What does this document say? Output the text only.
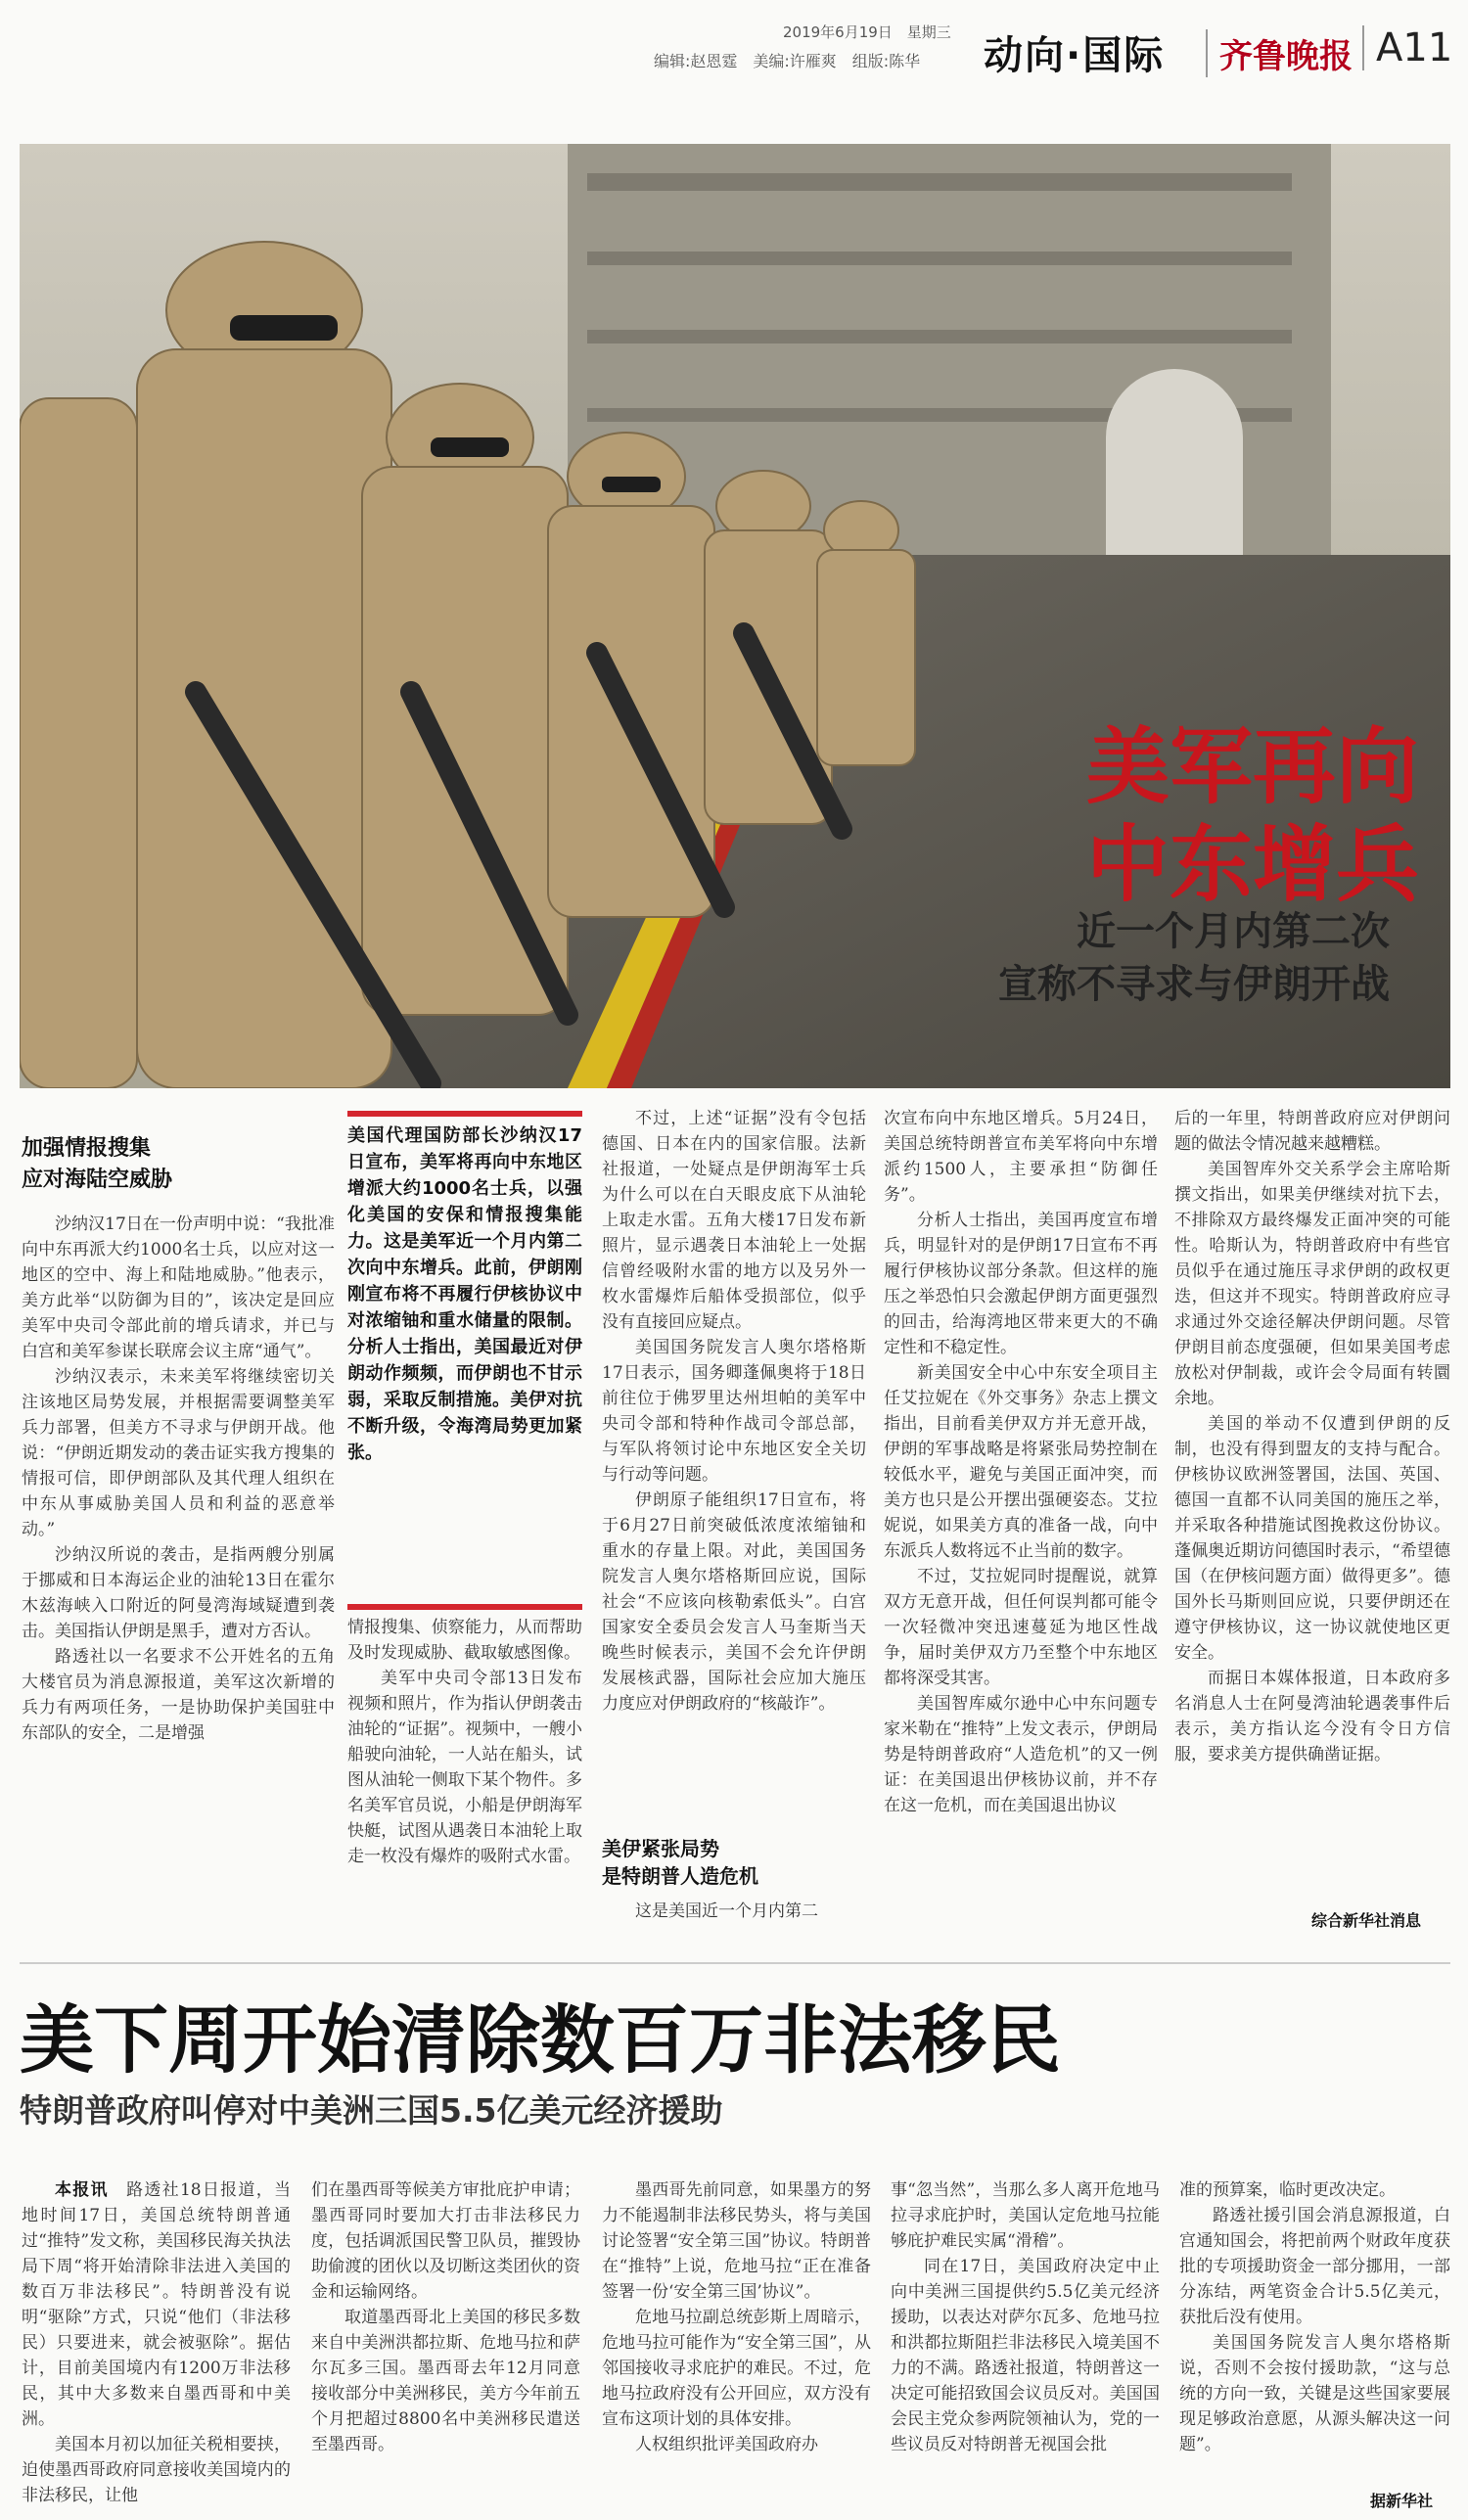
2019年6月19日　星期三
编辑:赵恩霆　美编:许雁爽　组版:陈华 动向·国际	齐鲁晚报 A11
美军再向
中东增兵
近一个月内第二次
宣称不寻求与伊朗开战
加强情报搜集
应对海陆空威胁

沙纳汉17日在一份声明中说：“我批准向中东再派大约1000名士兵，以应对这一地区的空中、海上和陆地威胁。”他表示，美方此举“以防御为目的”，该决定是回应美军中央司令部此前的增兵请求，并已与白宫和美军参谋长联席会议主席“通气”。

沙纳汉表示，未来美军将继续密切关注该地区局势发展，并根据需要调整美军兵力部署，但美方不寻求与伊朗开战。他说：“伊朗近期发动的袭击证实我方搜集的情报可信，即伊朗部队及其代理人组织在中东从事威胁美国人员和利益的恶意举动。”

沙纳汉所说的袭击，是指两艘分别属于挪威和日本海运企业的油轮13日在霍尔木兹海峡入口附近的阿曼湾海域疑遭到袭击。美国指认伊朗是黑手，遭对方否认。

路透社以一名要求不公开姓名的五角大楼官员为消息源报道，美军这次新增的兵力有两项任务，一是协助保护美国驻中东部队的安全，二是增强

美国代理国防部长沙纳汉17日宣布，美军将再向中东地区增派大约1000名士兵，以强化美国的安保和情报搜集能力。这是美军近一个月内第二次向中东增兵。此前，伊朗刚刚宣布将不再履行伊核协议中对浓缩铀和重水储量的限制。分析人士指出，美国最近对伊朗动作频频，而伊朗也不甘示弱，采取反制措施。美伊对抗不断升级，令海湾局势更加紧张。

情报搜集、侦察能力，从而帮助及时发现威胁、截取敏感图像。

美军中央司令部13日发布视频和照片，作为指认伊朗袭击油轮的“证据”。视频中，一艘小船驶向油轮，一人站在船头，试图从油轮一侧取下某个物件。多名美军官员说，小船是伊朗海军快艇，试图从遇袭日本油轮上取走一枚没有爆炸的吸附式水雷。

不过，上述“证据”没有令包括德国、日本在内的国家信服。法新社报道，一处疑点是伊朗海军士兵为什么可以在白天眼皮底下从油轮上取走水雷。五角大楼17日发布新照片，显示遇袭日本油轮上一处据信曾经吸附水雷的地方以及另外一枚水雷爆炸后船体受损部位，似乎没有直接回应疑点。

美国国务院发言人奥尔塔格斯17日表示，国务卿蓬佩奥将于18日前往位于佛罗里达州坦帕的美军中央司令部和特种作战司令部总部，与军队将领讨论中东地区安全关切与行动等问题。

伊朗原子能组织17日宣布，将于6月27日前突破低浓度浓缩铀和重水的存量上限。对此，美国国务院发言人奥尔塔格斯回应说，国际社会“不应该向核勒索低头”。白宫国家安全委员会发言人马奎斯当天晚些时候表示，美国不会允许伊朗发展核武器，国际社会应加大施压力度应对伊朗政府的“核敲诈”。

美伊紧张局势
是特朗普人造危机

这是美国近一个月内第二

次宣布向中东地区增兵。5月24日，美国总统特朗普宣布美军将向中东增派约1500人，主要承担“防御任务”。

分析人士指出，美国再度宣布增兵，明显针对的是伊朗17日宣布不再履行伊核协议部分条款。但这样的施压之举恐怕只会激起伊朗方面更强烈的回击，给海湾地区带来更大的不确定性和不稳定性。

新美国安全中心中东安全项目主任艾拉妮在《外交事务》杂志上撰文指出，目前看美伊双方并无意开战，伊朗的军事战略是将紧张局势控制在较低水平，避免与美国正面冲突，而美方也只是公开摆出强硬姿态。艾拉妮说，如果美方真的准备一战，向中东派兵人数将远不止当前的数字。

不过，艾拉妮同时提醒说，就算双方无意开战，但任何误判都可能令一次轻微冲突迅速蔓延为地区性战争，届时美伊双方乃至整个中东地区都将深受其害。

美国智库威尔逊中心中东问题专家米勒在“推特”上发文表示，伊朗局势是特朗普政府“人造危机”的又一例证：在美国退出伊核协议前，并不存在这一危机，而在美国退出协议

后的一年里，特朗普政府应对伊朗问题的做法令情况越来越糟糕。

美国智库外交关系学会主席哈斯撰文指出，如果美伊继续对抗下去，不排除双方最终爆发正面冲突的可能性。哈斯认为，特朗普政府中有些官员似乎在通过施压寻求伊朗的政权更迭，但这并不现实。特朗普政府应寻求通过外交途径解决伊朗问题。尽管伊朗目前态度强硬，但如果美国考虑放松对伊制裁，或许会令局面有转圜余地。

美国的举动不仅遭到伊朗的反制，也没有得到盟友的支持与配合。伊核协议欧洲签署国，法国、英国、德国一直都不认同美国的施压之举，并采取各种措施试图挽救这份协议。蓬佩奥近期访问德国时表示，“希望德国（在伊核问题方面）做得更多”。德国外长马斯则回应说，只要伊朗还在遵守伊核协议，这一协议就使地区更安全。

而据日本媒体报道，日本政府多名消息人士在阿曼湾油轮遇袭事件后表示，美方指认迄今没有令日方信服，要求美方提供确凿证据。

综合新华社消息
美下周开始清除数百万非法移民
特朗普政府叫停对中美洲三国5.5亿美元经济援助

本报讯　 路透社18日报道，当地时间17日，美国总统特朗普通过“推特”发文称，美国移民海关执法局下周“将开始清除非法进入美国的数百万非法移民”。特朗普没有说明“驱除”方式，只说“他们（非法移民）只要进来，就会被驱除”。据估计，目前美国境内有1200万非法移民，其中大多数来自墨西哥和中美洲。

美国本月初以加征关税相要挟，迫使墨西哥政府同意接收美国境内的非法移民，让他

们在墨西哥等候美方审批庇护申请；墨西哥同时要加大打击非法移民力度，包括调派国民警卫队员，摧毁协助偷渡的团伙以及切断这类团伙的资金和运输网络。

取道墨西哥北上美国的移民多数来自中美洲洪都拉斯、危地马拉和萨尔瓦多三国。墨西哥去年12月同意接收部分中美洲移民，美方今年前五个月把超过8800名中美洲移民遣送至墨西哥。

墨西哥先前同意，如果墨方的努力不能遏制非法移民势头，将与美国讨论签署“安全第三国”协议。特朗普在“推特”上说，危地马拉“正在准备签署一份‘安全第三国’协议”。

危地马拉副总统彭斯上周暗示，危地马拉可能作为“安全第三国”，从邻国接收寻求庇护的难民。不过，危地马拉政府没有公开回应，双方没有宣布这项计划的具体安排。

人权组织批评美国政府办

事“忽当然”，当那么多人离开危地马拉寻求庇护时，美国认定危地马拉能够庇护难民实属“滑稽”。

同在17日，美国政府决定中止向中美洲三国提供约5.5亿美元经济援助，以表达对萨尔瓦多、危地马拉和洪都拉斯阻拦非法移民入境美国不力的不满。路透社报道，特朗普这一决定可能招致国会议员反对。美国国会民主党众参两院领袖认为，党的一些议员反对特朗普无视国会批

准的预算案，临时更改决定。

路透社援引国会消息源报道，白宫通知国会，将把前两个财政年度获批的专项援助资金一部分挪用，一部分冻结，两笔资金合计5.5亿美元，获批后没有使用。

美国国务院发言人奥尔塔格斯说，否则不会按付援助款，“这与总统的方向一致，关键是这些国家要展现足够政治意愿，从源头解决这一问题”。

据新华社
